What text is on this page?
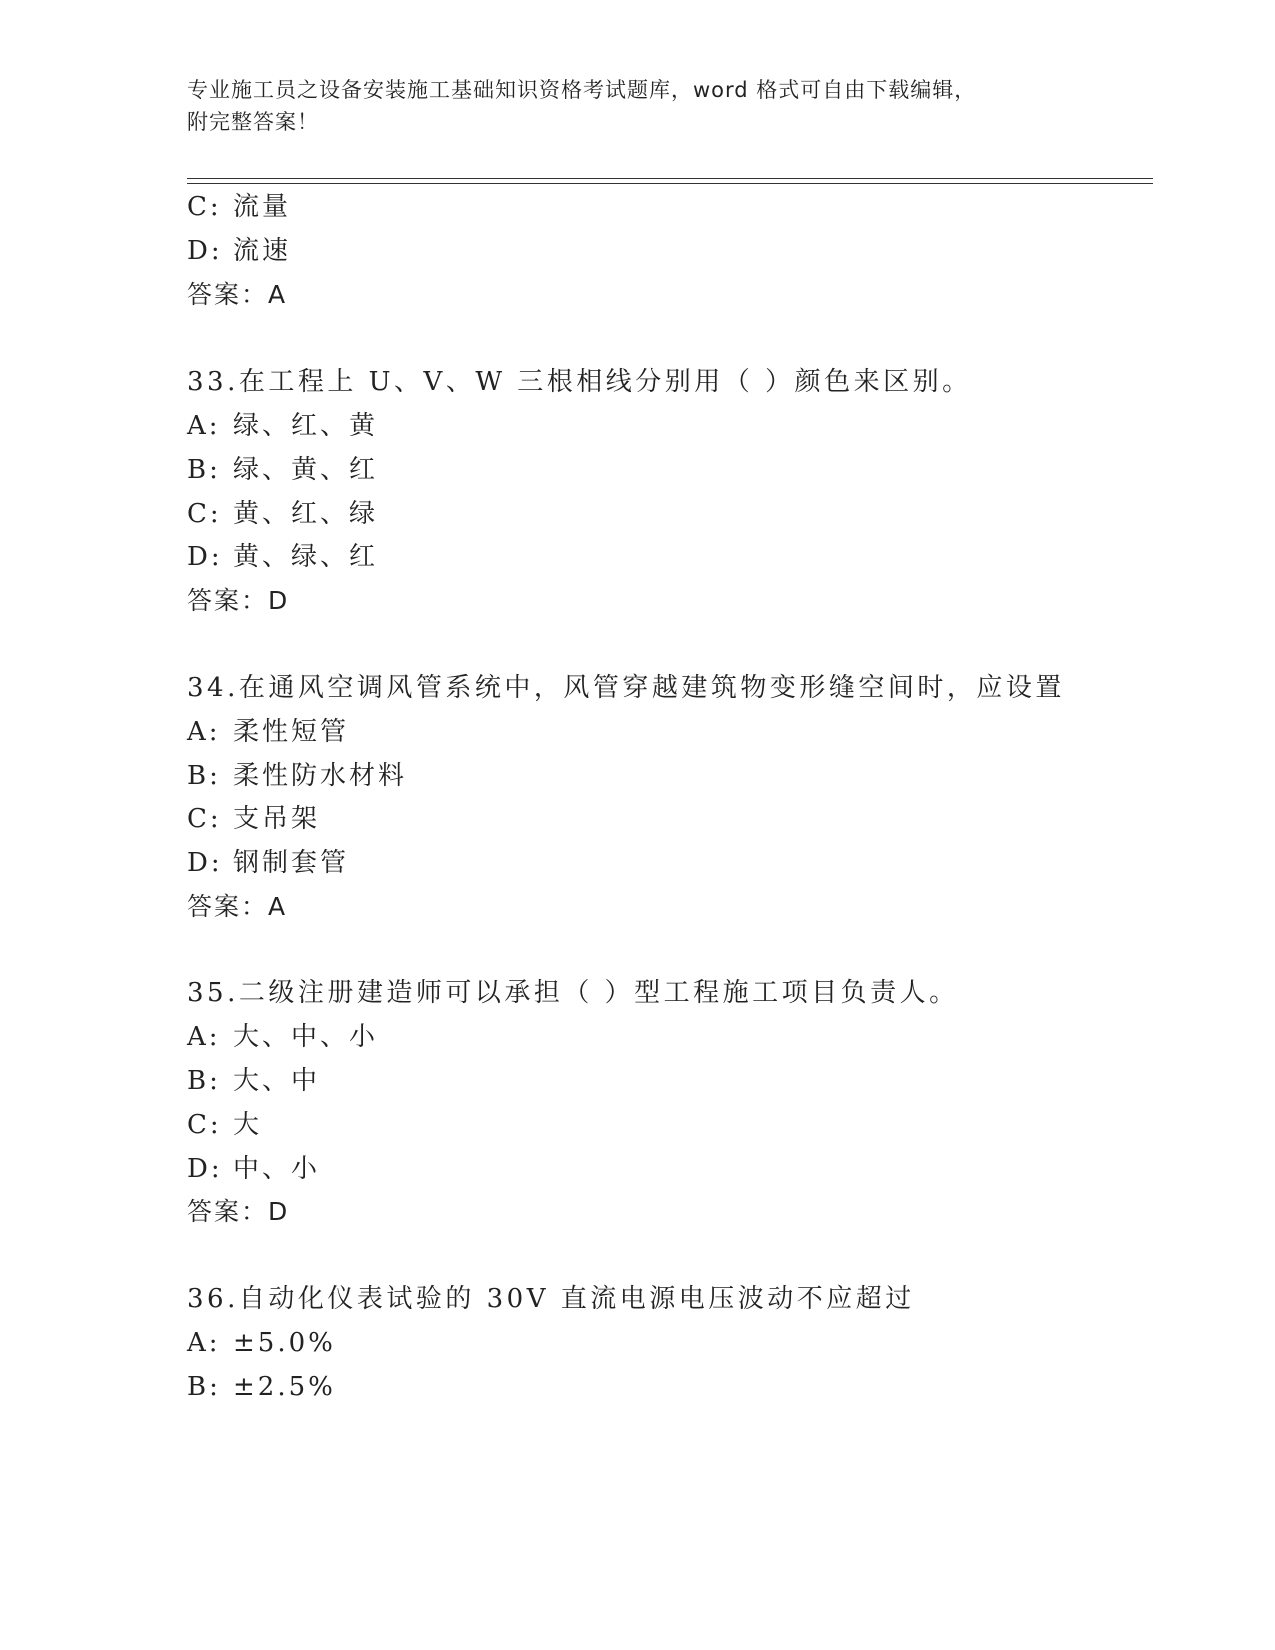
专业施工员之设备安装施工基础知识资格考试题库，word 格式可自由下载编辑，
附完整答案！
C: 流量
D: 流速
答案：A
33.在工程上 U、V、W 三根相线分别用（ ）颜色来区别。
A: 绿、红、黄
B: 绿、黄、红
C: 黄、红、绿
D: 黄、绿、红
答案：D
34.在通风空调风管系统中，风管穿越建筑物变形缝空间时，应设置
A: 柔性短管
B: 柔性防水材料
C: 支吊架
D: 钢制套管
答案：A
35.二级注册建造师可以承担（ ）型工程施工项目负责人。
A: 大、中、小
B: 大、中
C: 大
D: 中、小
答案：D
36.自动化仪表试验的 30V 直流电源电压波动不应超过
A: ±5.0%
B: ±2.5%
